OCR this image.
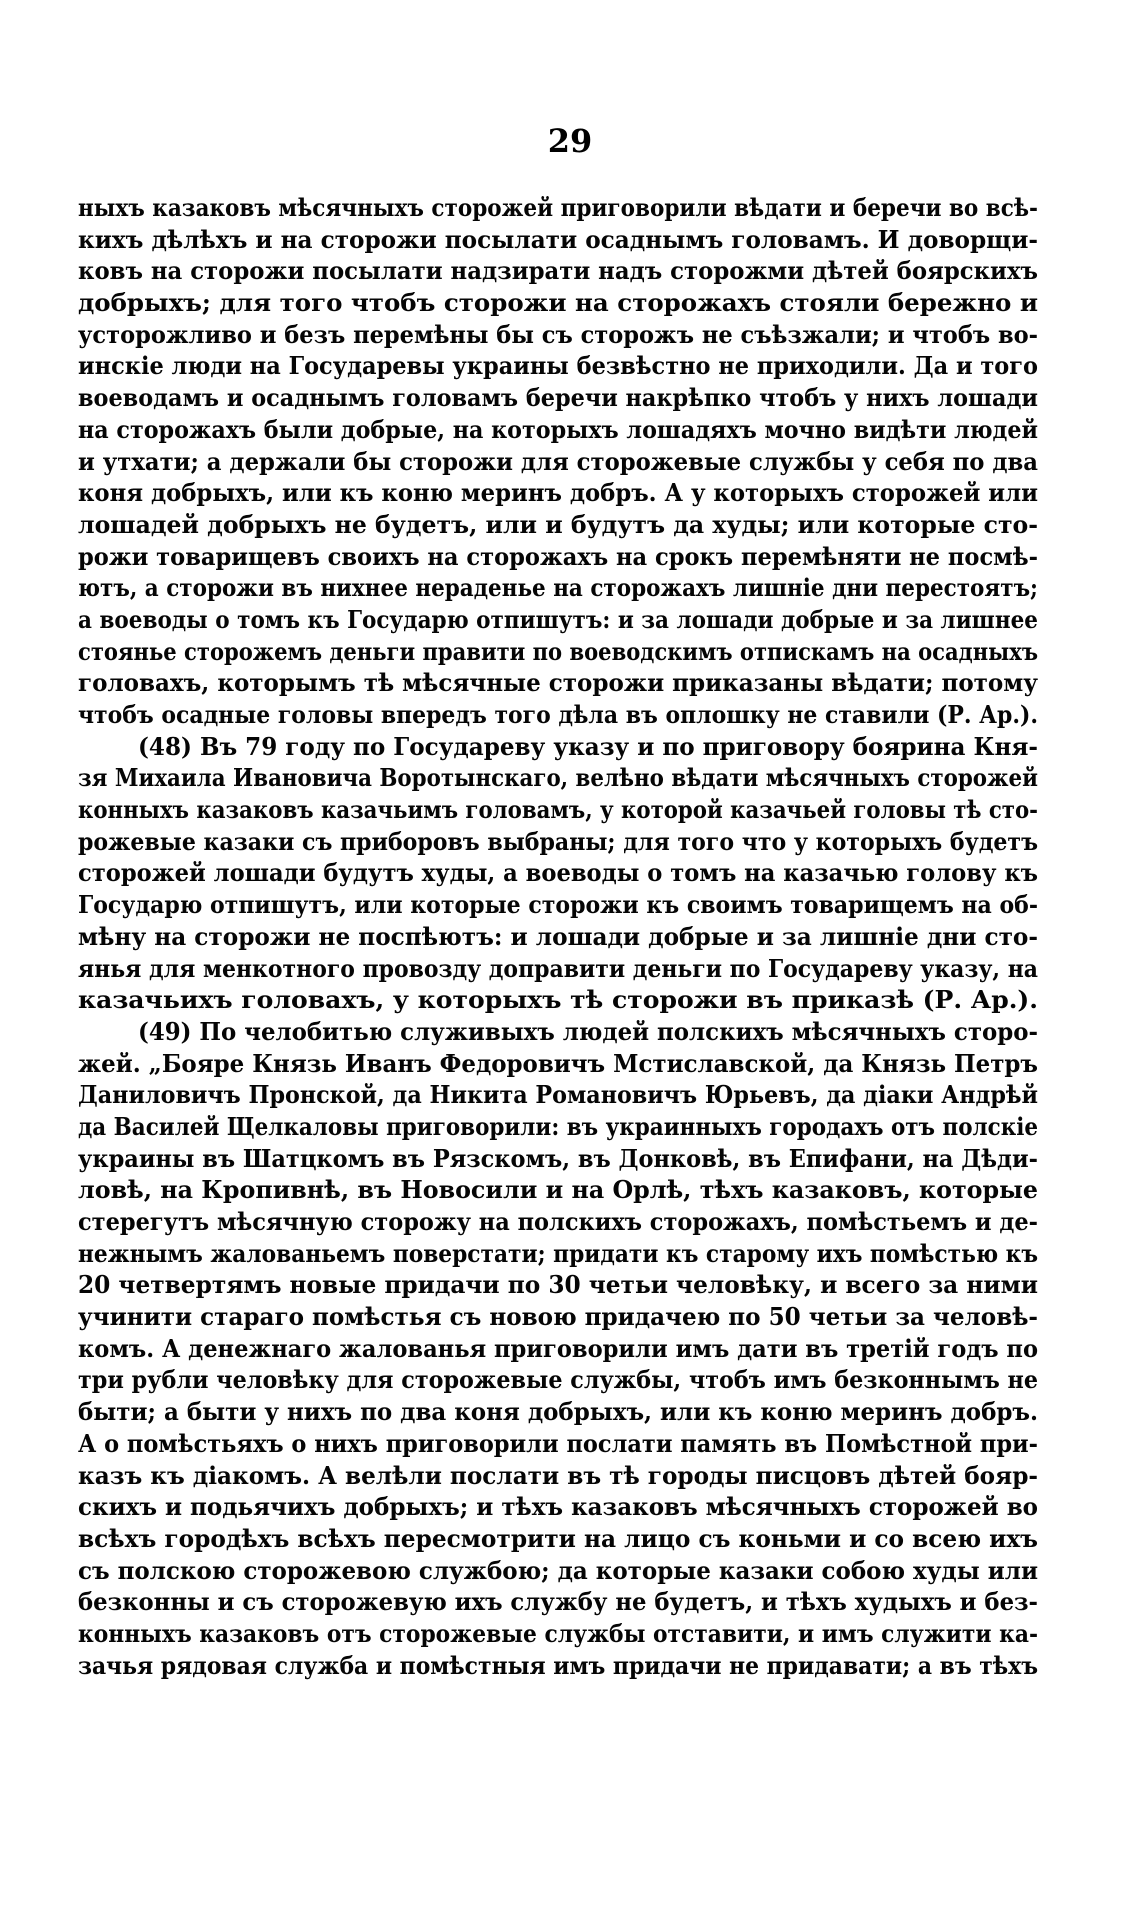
29
ныхъ казаковъ мѣсячныхъ сторожей приговорили вѣдати и беречи во всѣ-
кихъ дѣлѣхъ и на сторожи посылати осаднымъ головамъ. И доворщи-
ковъ на сторожи посылати надзирати надъ сторожми дѣтей боярскихъ
добрыхъ; для того чтобъ сторожи на сторожахъ стояли бережно и
усторожливо и безъ перемѣны бы съ сторожъ не съѣзжали; и чтобъ во-
инскіе люди на Государевы украины безвѣстно не приходили. Да и того
воеводамъ и осаднымъ головамъ беречи накрѣпко чтобъ у нихъ лошади
на сторожахъ были добрые, на которыхъ лошадяхъ мочно видѣти людей
и утхати; а держали бы сторожи для сторожевые службы у себя по два
коня добрыхъ, или къ коню меринъ добръ. А у которыхъ сторожей или
лошадей добрыхъ не будетъ, или и будутъ да худы; или которые сто-
рожи товарищевъ своихъ на сторожахъ на срокъ перемѣняти не посмѣ-
ютъ, а сторожи въ нихнее нераденье на сторожахъ лишніе дни перестоятъ;
а воеводы о томъ къ Государю отпишутъ: и за лошади добрые и за лишнее
стоянье сторожемъ деньги правити по воеводскимъ отпискамъ на осадныхъ
головахъ, которымъ тѣ мѣсячные сторожи приказаны вѣдати; потому
чтобъ осадные головы впередъ того дѣла въ оплошку не ставили (Р. Ар.).
(48) Въ 79 году по Государеву указу и по приговору боярина Кня-
зя Михаила Ивановича Воротынскаго, велѣно вѣдати мѣсячныхъ сторожей
конныхъ казаковъ казачьимъ головамъ, у которой казачьей головы тѣ сто-
рожевые казаки съ приборовъ выбраны; для того что у которыхъ будетъ
сторожей лошади будутъ худы, а воеводы о томъ на казачью голову къ
Государю отпишутъ, или которые сторожи къ своимъ товарищемъ на об-
мѣну на сторожи не поспѣютъ: и лошади добрые и за лишніе дни сто-
янья для менкотного провозду доправити деньги по Государеву указу, на
казачьихъ головахъ, у которыхъ тѣ сторожи въ приказѣ (Р. Ар.).
(49) По челобитью служивыхъ людей полскихъ мѣсячныхъ сторо-
жей. „Бояре Князь Иванъ Федоровичъ Мстиславской, да Князь Петръ
Даниловичъ Пронской, да Никита Романовичъ Юрьевъ, да діаки Андрѣй
да Василей Щелкаловы приговорили: въ украинныхъ городахъ отъ полскіе
украины въ Шатцкомъ въ Рязскомъ, въ Донковѣ, въ Епифани, на Дѣди-
ловѣ, на Кропивнѣ, въ Новосили и на Орлѣ, тѣхъ казаковъ, которые
стерегутъ мѣсячную сторожу на полскихъ сторожахъ, помѣстьемъ и де-
нежнымъ жалованьемъ поверстати; придати къ старому ихъ помѣстью къ
20 четвертямъ новые придачи по 30 четьи человѣку, и всего за ними
учинити стараго помѣстья съ новою придачею по 50 четьи за человѣ-
комъ. А денежнаго жалованья приговорили имъ дати въ третій годъ по
три рубли человѣку для сторожевые службы, чтобъ имъ безконнымъ не
быти; а быти у нихъ по два коня добрыхъ, или къ коню меринъ добръ.
А о помѣстьяхъ о нихъ приговорили послати память въ Помѣстной при-
казъ къ діакомъ. А велѣли послати въ тѣ городы писцовъ дѣтей бояр-
скихъ и подьячихъ добрыхъ; и тѣхъ казаковъ мѣсячныхъ сторожей во
всѣхъ городѣхъ всѣхъ пересмотрити на лицо съ коньми и со всею ихъ
съ полскою сторожевою службою; да которые казаки собою худы или
безконны и съ сторожевую ихъ службу не будетъ, и тѣхъ худыхъ и без-
конныхъ казаковъ отъ сторожевые службы отставити, и имъ служити ка-
зачья рядовая служба и помѣстныя имъ придачи не придавати; а въ тѣхъ
